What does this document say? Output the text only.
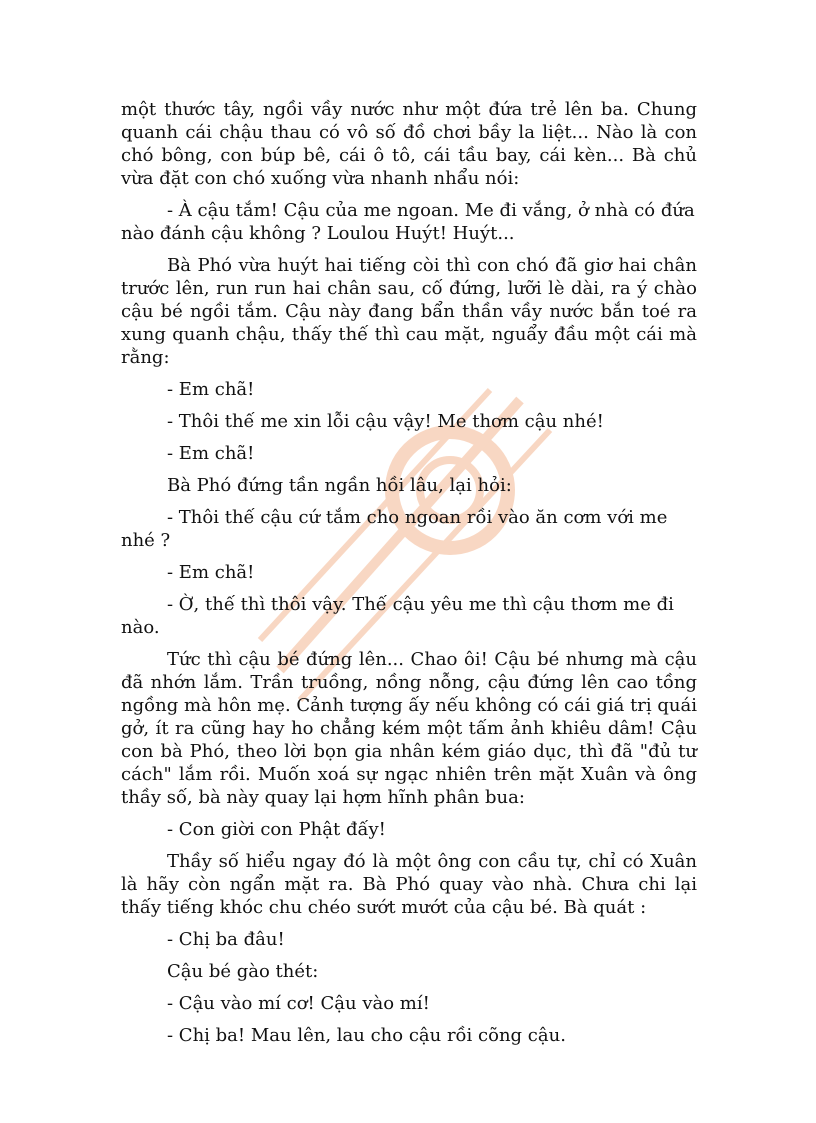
một thước tây, ngồi vầy nước như một đứa trẻ lên ba. Chung quanh cái chậu thau có vô số đồ chơi bầy la liệt... Nào là con chó bông, con búp bê, cái ô tô, cái tầu bay, cái kèn... Bà chủ vừa đặt con chó xuống vừa nhanh nhẩu nói:

- À cậu tắm! Cậu của me ngoan. Me đi vắng, ở nhà có đứa nào đánh cậu không ? Loulou Huýt! Huýt...

Bà Phó vừa huýt hai tiếng còi thì con chó đã giơ hai chân trước lên, run run hai chân sau, cố đứng, lưỡi lè dài, ra ý chào cậu bé ngồi tắm. Cậu này đang bẩn thần vầy nước bắn toé ra xung quanh chậu, thấy thế thì cau mặt, nguẩy đầu một cái mà rằng:

- Em chã!

- Thôi thế me xin lỗi cậu vậy! Me thơm cậu nhé!

- Em chã!

Bà Phó đứng tần ngần hồi lâu, lại hỏi:

- Thôi thế cậu cứ tắm cho ngoan rồi vào ăn cơm với me nhé ?

- Em chã!

- Ờ, thế thì thôi vậy. Thế cậu yêu me thì cậu thơm me đi nào.

Tức thì cậu bé đứng lên... Chao ôi! Cậu bé nhưng mà cậu đã nhớn lắm. Trần truồng, nồng nỗng, cậu đứng lên cao tồng ngồng mà hôn mẹ. Cảnh tượng ấy nếu không có cái giá trị quái gở, ít ra cũng hay ho chẳng kém một tấm ảnh khiêu dâm! Cậu con bà Phó, theo lời bọn gia nhân kém giáo dục, thì đã "đủ tư cách" lắm rồi. Muốn xoá sự ngạc nhiên trên mặt Xuân và ông thầy số, bà này quay lại hợm hĩnh phân bua:

- Con giời con Phật đấy!

Thầy số hiểu ngay đó là một ông con cầu tự, chỉ có Xuân là hãy còn ngẩn mặt ra. Bà Phó quay vào nhà. Chưa chi lại thấy tiếng khóc chu chéo sướt mướt của cậu bé. Bà quát :

- Chị ba đâu!

Cậu bé gào thét:

- Cậu vào mí cơ! Cậu vào mí!

- Chị ba! Mau lên, lau cho cậu rồi cõng cậu.
